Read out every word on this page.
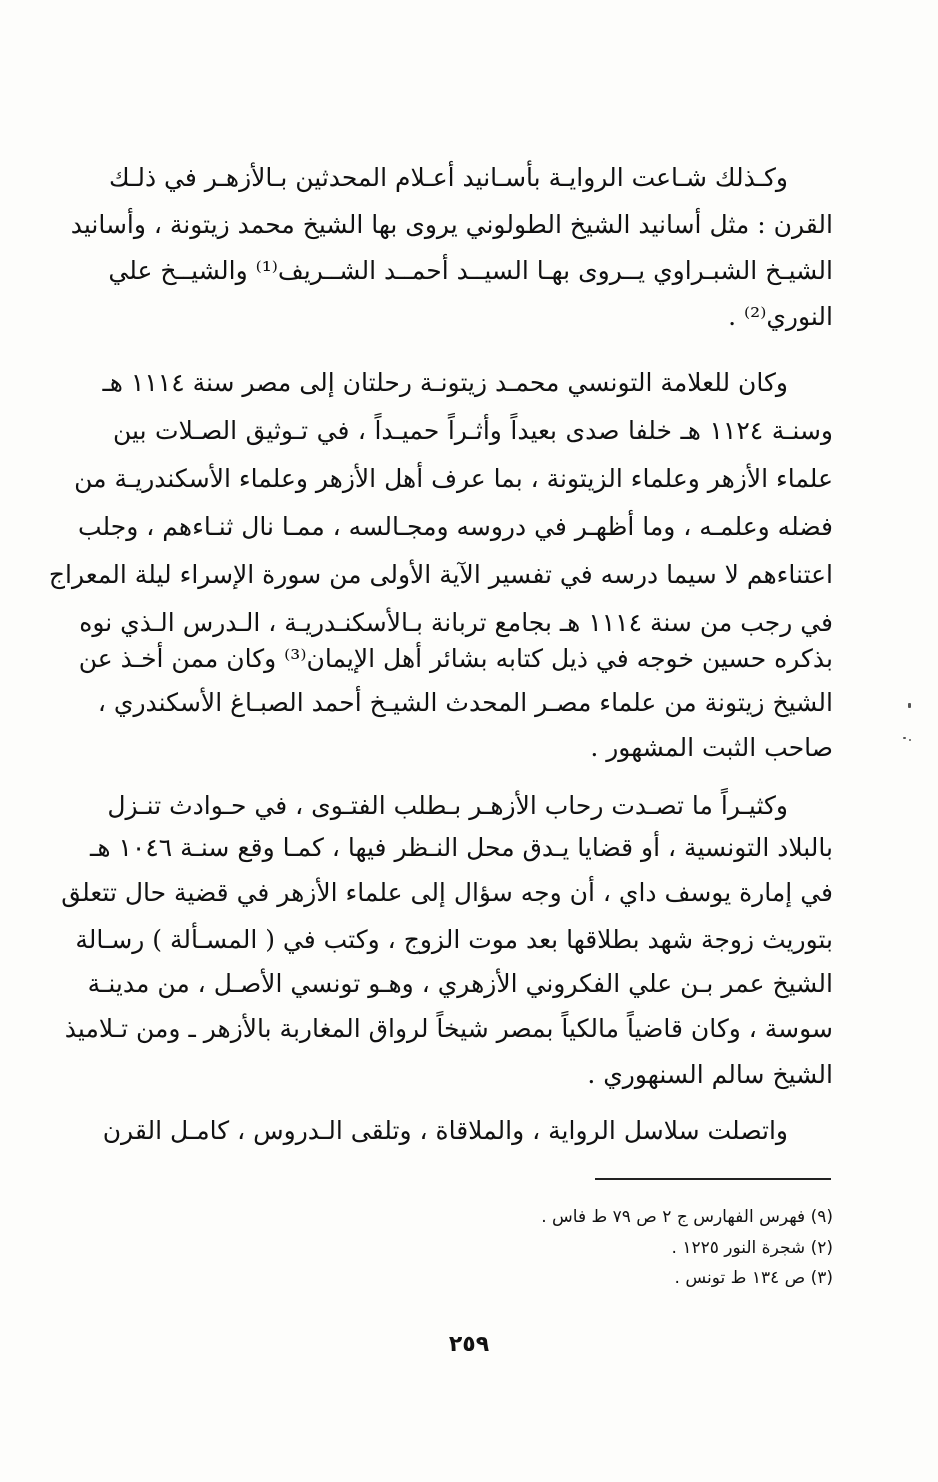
وكـذلك شـاعت الروايـة بأسـانيد أعـلام المحدثين بـالأزهـر في ذلـك
القرن : مثل أسانيد الشيخ الطولوني يروى بها الشيخ محمد زيتونة ، وأسانيد
الشيـخ الشبـراوي يــروى بهـا السيــد أحمــد الشــريف⁽¹⁾ والشيــخ علي
النوري⁽²⁾ .
وكان للعلامة التونسي محمـد زيتونـة رحلتان إلى مصر سنة ١١١٤ هـ
وسنـة ١١٢٤ هـ خلفا صدى بعيداً وأثـراً حميـداً ، في تـوثيق الصـلات بين
علماء الأزهر وعلماء الزيتونة ، بما عرف أهل الأزهر وعلماء الأسكندريـة من
فضله وعلمـه ، وما أظهـر في دروسه ومجـالسه ، ممـا نال ثنـاءهم ، وجلب
اعتناءهم لا سيما درسه في تفسير الآية الأولى من سورة الإسراء ليلة المعراج
في رجب من سنة ١١١٤ هـ بجامع تربانة بـالأسكنـدريـة ، الـدرس الـذي نوه
بذكره حسين خوجه في ذيل كتابه بشائر أهل الإيمان⁽³⁾ وكان ممن أخـذ عن
الشيخ زيتونة من علماء مصـر المحدث الشيـخ أحمد الصبـاغ الأسكندري ،
صاحب الثبت المشهور .
وكثيـراً ما تصـدت رحاب الأزهـر بـطلب الفتـوى ، في حـوادث تنـزل
بالبلاد التونسية ، أو قضايا يـدق محل النـظر فيها ، كمـا وقع سنـة ١٠٤٦ هـ
في إمارة يوسف داي ، أن وجه سؤال إلى علماء الأزهر في قضية حال تتعلق
بتوريث زوجة شهد بطلاقها بعد موت الزوج ، وكتب في ( المسـألة ) رسـالة
الشيخ عمر بـن علي الفكروني الأزهري ، وهـو تونسي الأصـل ، من مدينـة
سوسة ، وكان قاضياً مالكياً بمصر شيخاً لرواق المغاربة بالأزهر ـ ومن تـلاميذ
الشيخ سالم السنهوري .
واتصلت سلاسل الرواية ، والملاقاة ، وتلقى الـدروس ، كامـل القرن
(٩) فهرس الفهارس ج ٢ ص ٧٩ ط فاس .
(٢) شجرة النور ١٢٢٥ .
(٣) ص ١٣٤ ط تونس .
٢٥٩
